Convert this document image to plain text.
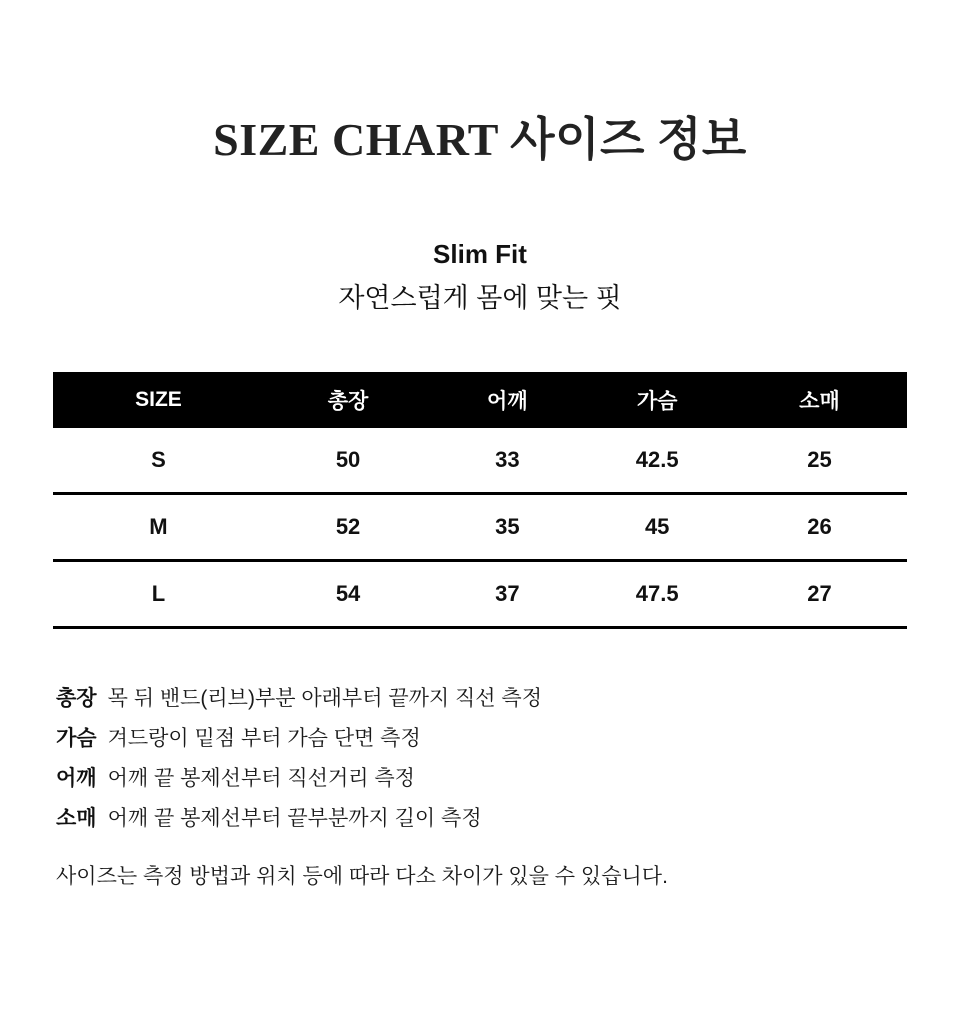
SIZE CHART 사이즈 정보
Slim Fit

자연스럽게 몸에 맞는 핏

SIZE	총장	어깨	가슴	소매
S	50	33	42.5	25
M	52	35	45	26
L	54	37	47.5	27
총장 목 뒤 밴드(리브)부분 아래부터 끝까지 직선 측정
가슴 겨드랑이 밑점 부터 가슴 단면 측정
어깨 어깨 끝 봉제선부터 직선거리 측정
소매 어깨 끝 봉제선부터 끝부분까지 길이 측정

사이즈는 측정 방법과 위치 등에 따라 다소 차이가 있을 수 있습니다.
